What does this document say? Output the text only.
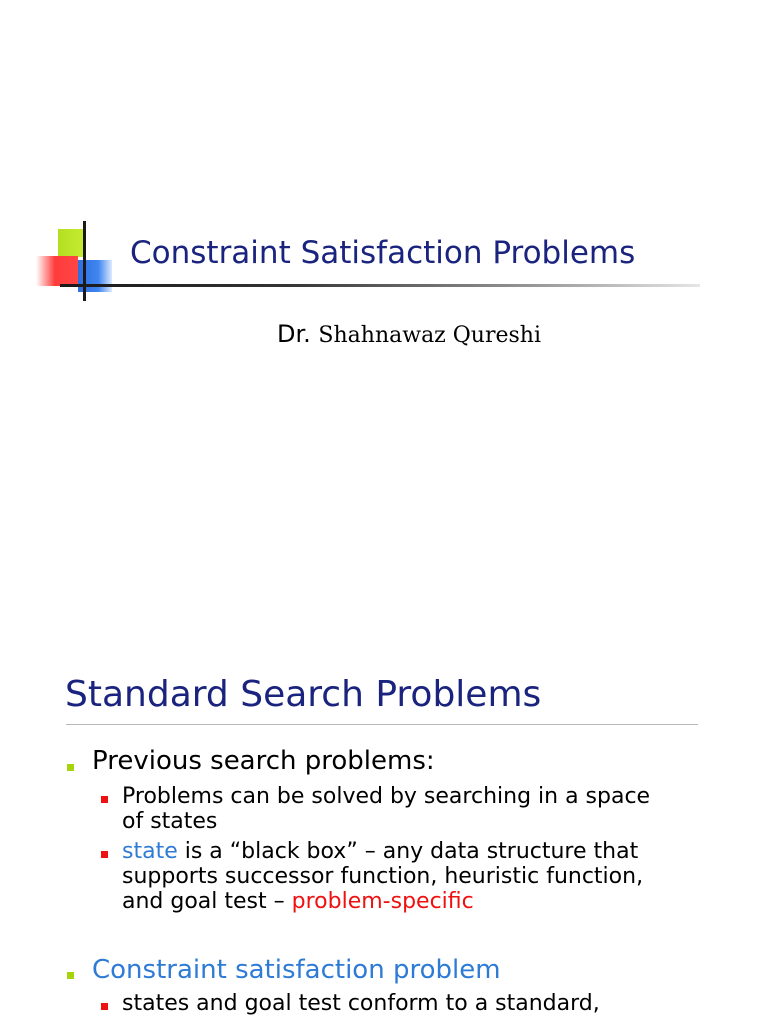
Constraint Satisfaction Problems
Dr. Shahnawaz Qureshi
Standard Search Problems
Previous search problems:
Problems can be solved by searching in a space
of states
state is a “black box” – any data structure that
supports successor function, heuristic function,
and goal test – problem-specific
Constraint satisfaction problem
states and goal test conform to a standard,
